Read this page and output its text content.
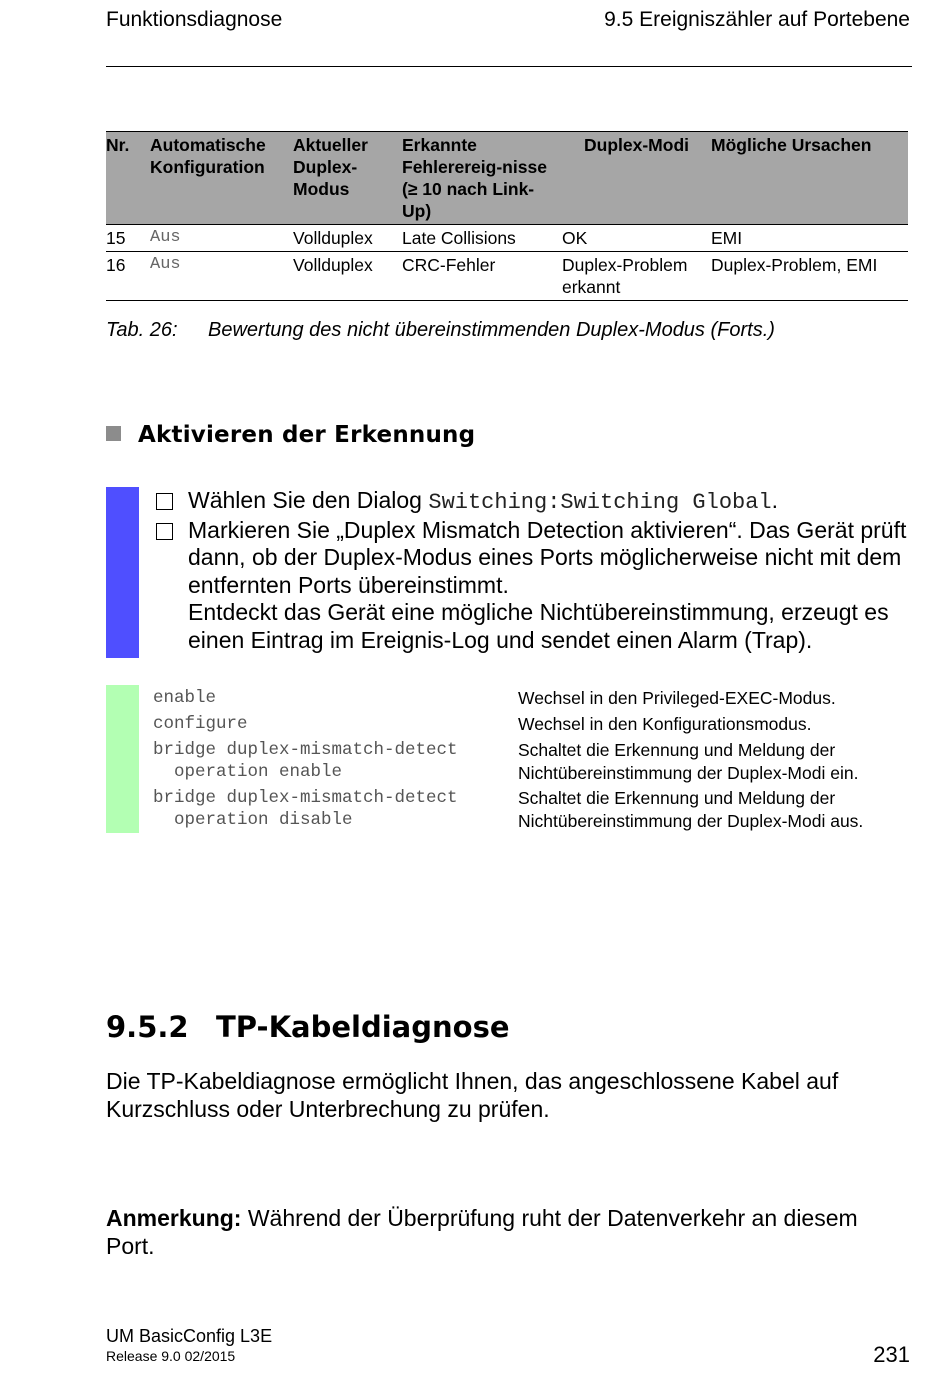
Funktionsdiagnose	9.5 Ereigniszähler auf Portebene
Nr.	Automatische Konfiguration	Aktueller Duplex-Modus	Erkannte Fehlerereig-nisse (≥ 10 nach Link-Up)	Duplex-Modi	Mögliche Ursachen
15	Aus	Vollduplex	Late Collisions	OK	EMI
16	Aus	Vollduplex	CRC-Fehler	Duplex-Problem erkannt	Duplex-Problem, EMI
Tab. 26: Bewertung des nicht übereinstimmenden Duplex-Modus (Forts.)
Aktivieren der Erkennung
Wählen Sie den Dialog Switching:Switching Global.
Markieren Sie „Duplex Mismatch Detection aktivieren“. Das Gerät prüft dann, ob der Duplex-Modus eines Ports möglicherweise nicht mit dem entfernten Ports übereinstimmt.
Entdeckt das Gerät eine mögliche Nichtübereinstimmung, erzeugt es einen Eintrag im Ereignis-Log und sendet einen Alarm (Trap).
enable	Wechsel in den Privileged-EXEC-Modus.
configure	Wechsel in den Konfigurationsmodus.
bridge duplex-mismatch-detect
operation enable
Schaltet die Erkennung und Meldung der Nichtübereinstimmung der Duplex-Modi ein.
bridge duplex-mismatch-detect
operation disable
Schaltet die Erkennung und Meldung der Nichtübereinstimmung der Duplex-Modi aus.
9.5.2 TP-Kabeldiagnose
Die TP-Kabeldiagnose ermöglicht Ihnen, das angeschlossene Kabel auf Kurzschluss oder Unterbrechung zu prüfen.
Anmerkung: Während der Überprüfung ruht der Datenverkehr an diesem Port.
UM BasicConfig L3E
Release 9.0 02/2015	231
